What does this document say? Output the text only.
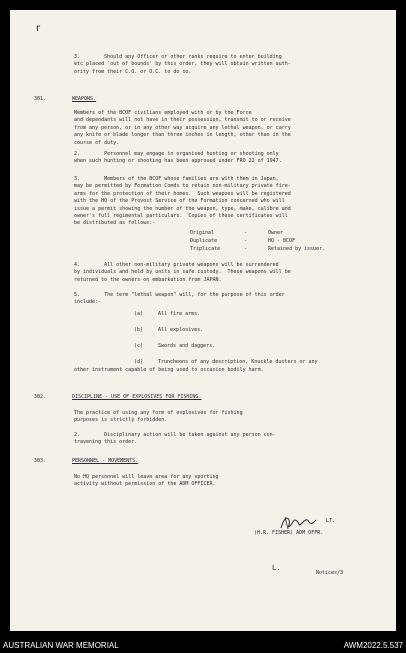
r
3.        Should any Officer or other ranks require to enter building
etc placed 'out of bounds' by this order, they will obtain written auth-
ority from their C.O. or O.C. to do so.
301.	WEAPONS.
Members of the BCOF civilians employed with or by the Force
and dependants will not have in their possession, transmit to or receive
from any person, or in any other way acquire any lethal weapon, or carry
any knife or blade longer than three inches in length, other than in the
course of duty.
2.        Personnel may engage in organised hunting or shooting only
when such hunting or shooting has been approved under FRO 22 of 1947.
3.        Members of the BCOF whose families are with them in Japan,
may be permitted by Formation Comds to retain non-military private fire-
arms for the protection of their homes.  Such weapons will be registered
with the HQ of the Provost Service of the Formation concerned who will
issue a permit showing the number of the weapon, type, make, calibre and
owner's full regimental particulars.  Copies of these certificates will
be distributed as follows:-
Original	-	Owner
Duplicate	-	HQ - BCOF
Triplicate	-	Retained by issuer.
4.        All other non-military private weapons will be surrendered
by individuals and held by units in safe custody.  These weapons will be
returned to the owners on embarkation from JAPAN.
5.        The term "lethal weapon" will, for the purpose of this order
include:-
(a)	All fire arms.
(b)	All explosives.
(c)	Swords and daggers.
(d)	Truncheons of any description, Knuckle dusters or any
other instrument capable of being used to occasion bodily harm.
302.	DISCIPLINE - USE OF EXPLOSIVES FOR FISHING.
The practice of using any form of explosives for fishing
purposes is strictly forbidden.
2.        Disciplinary action will be taken against any person con-
travening this order.
303.	PERSONNEL - MOVEMENTS.
No HQ personnel will leave area for any sporting
activity without permission of the ADM OFFICER.
LT.
(H.R. FISHER) ADM OFFR.
L.
Notices/3
AUSTRALIAN WAR MEMORIAL	AWM2022.5.537
